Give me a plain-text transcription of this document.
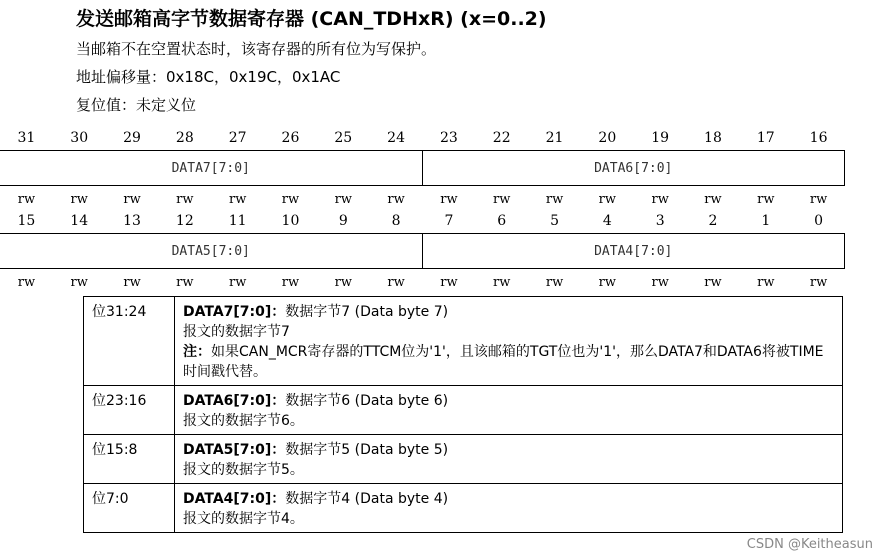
发送邮箱高字节数据寄存器 (CAN_TDHxR) (x=0..2)
当邮箱不在空置状态时，该寄存器的所有位为写保护。
地址偏移量：0x18C，0x19C，0x1AC
复位值：未定义位
31	30	29	28	27	26	25	24	23	22	21	20	19	18	17	16
DATA7[7:0]	DATA6[7:0]
rw	rw	rw	rw	rw	rw	rw	rw	rw	rw	rw	rw	rw	rw	rw	rw
15	14	13	12	11	10	9	8	7	6	5	4	3	2	1	0
DATA5[7:0]	DATA4[7:0]
rw	rw	rw	rw	rw	rw	rw	rw	rw	rw	rw	rw	rw	rw	rw	rw
位31:24	DATA7[7:0]：数据字节7 (Data byte 7)
报文的数据字节7
注：如果CAN_MCR寄存器的TTCM位为'1'，且该邮箱的TGT位也为'1'，那么DATA7和DATA6将被TIME时间戳代替。
位23:16	DATA6[7:0]：数据字节6 (Data byte 6)
报文的数据字节6。
位15:8	DATA5[7:0]：数据字节5 (Data byte 5)
报文的数据字节5。
位7:0	DATA4[7:0]：数据字节4 (Data byte 4)
报文的数据字节4。
CSDN @Keitheasun
